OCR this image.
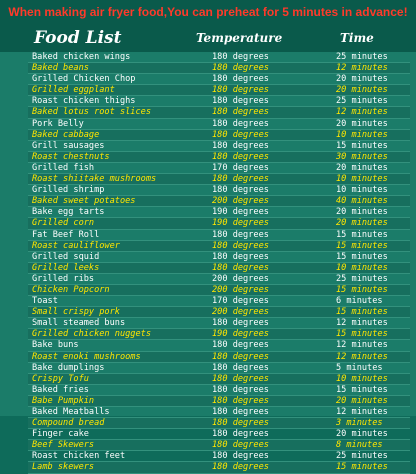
When making air fryer food,You can preheat for 5 minutes in advance!
Food List	Temperature	Time
Baked chicken wings	180 degrees	25 minutes
Baked beans	180 degrees	12 minutes
Grilled Chicken Chop	180 degrees	20 minutes
Grilled eggplant	180 degrees	20 minutes
Roast chicken thighs	180 degrees	25 minutes
Baked lotus root slices	180 degrees	12 minutes
Pork Belly	180 degrees	20 minutes
Baked cabbage	180 degrees	10 minutes
Grill sausages	180 degrees	15 minutes
Roast chestnuts	180 degrees	30 minutes
Grilled fish	170 degrees	20 minutes
Roast shiitake mushrooms	180 degrees	10 minutes
Grilled shrimp	180 degrees	10 minutes
Baked sweet potatoes	200 degrees	40 minutes
Bake egg tarts	190 degrees	20 minutes
Grilled corn	190 degrees	20 minutes
Fat Beef Roll	180 degrees	15 minutes
Roast cauliflower	180 degrees	15 minutes
Grilled squid	180 degrees	15 minutes
Grilled leeks	180 degrees	10 minutes
Grilled ribs	200 degrees	25 minutes
Chicken Popcorn	200 degrees	15 minutes
Toast	170 degrees	6 minutes
Small crispy pork	200 degrees	15 minutes
Small steamed buns	180 degrees	12 minutes
Grilled chicken nuggets	190 degrees	15 minutes
Bake buns	180 degrees	12 minutes
Roast enoki mushrooms	180 degrees	12 minutes
Bake dumplings	180 degrees	5 minutes
Crispy Tofu	180 degrees	10 minutes
Baked fries	180 degrees	15 minutes
Babe Pumpkin	180 degrees	20 minutes
Baked Meatballs	180 degrees	12 minutes
Compound bread	180 degrees	3 minutes
Finger cake	180 degrees	20 minutes
Beef Skewers	180 degrees	8 minutes
Roast chicken feet	180 degrees	25 minutes
Lamb skewers	180 degrees	15 minutes
